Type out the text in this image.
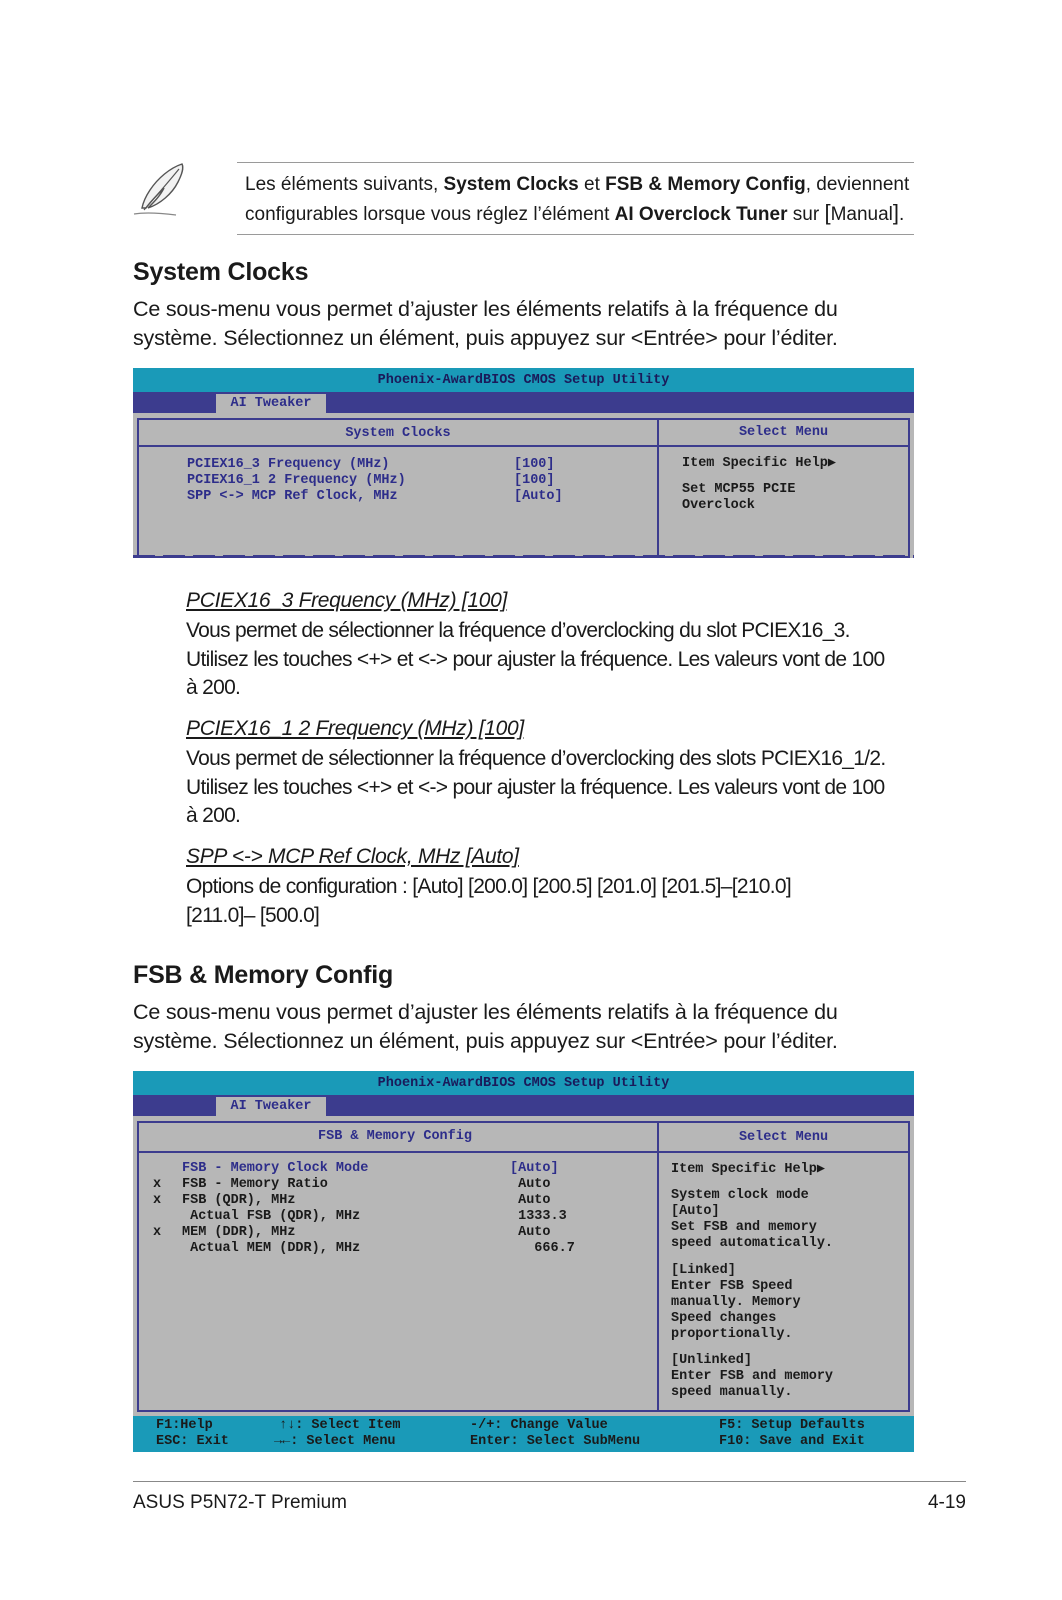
Les éléments suivants, System Clocks et FSB & Memory Config, deviennent
configurables lorsque vous réglez l’élément AI Overclock Tuner sur [Manual].
System Clocks
Ce sous-menu vous permet d’ajuster les éléments relatifs à la fréquence du
système. Sélectionnez un élément, puis appuyez sur <Entrée> pour l’éditer.
Phoenix-AwardBIOS CMOS Setup Utility
AI Tweaker
System Clocks	Select Menu
PCIEX16_3 Frequency (MHz)	[100]
PCIEX16_1 2 Frequency (MHz)	[100]
SPP <-> MCP Ref Clock, MHz	[Auto]
Item Specific Help▶
Set MCP55 PCIE
Overclock
PCIEX16_3 Frequency (MHz) [100]
Vous permet de sélectionner la fréquence d’overclocking du slot PCIEX16_3.
Utilisez les touches <+> et <-> pour ajuster la fréquence. Les valeurs vont de 100
à 200.
PCIEX16_1 2 Frequency (MHz) [100]
Vous permet de sélectionner la fréquence d’overclocking des slots PCIEX16_1/2.
Utilisez les touches <+> et <-> pour ajuster la fréquence. Les valeurs vont de 100
à 200.
SPP <-> MCP Ref Clock, MHz [Auto]
Options de configuration : [Auto] [200.0] [200.5] [201.0] [201.5]–[210.0]
[211.0]– [500.0]
FSB & Memory Config
Ce sous-menu vous permet d’ajuster les éléments relatifs à la fréquence du
système. Sélectionnez un élément, puis appuyez sur <Entrée> pour l’éditer.
Phoenix-AwardBIOS CMOS Setup Utility
AI Tweaker
FSB & Memory Config	Select Menu

FSB - Memory Clock Mode	[Auto]
x FSB - Memory Ratio	Auto
x FSB (QDR), MHz	Auto

Actual FSB (QDR), MHz	1333.3
x MEM (DDR), MHz	Auto

Actual MEM (DDR), MHz	666.7
Item Specific Help▶
System clock mode
[Auto]
Set FSB and memory
speed automatically.
[Linked]
Enter FSB Speed
manually. Memory
Speed changes
proportionally.
[Unlinked]
Enter FSB and memory
speed manually.
F1:Help
ESC: Exit
↑↓: Select Item
→←: Select Menu
-/+: Change Value
Enter: Select SubMenu
F5: Setup Defaults
F10: Save and Exit
ASUS P5N72-T Premium	4-19
